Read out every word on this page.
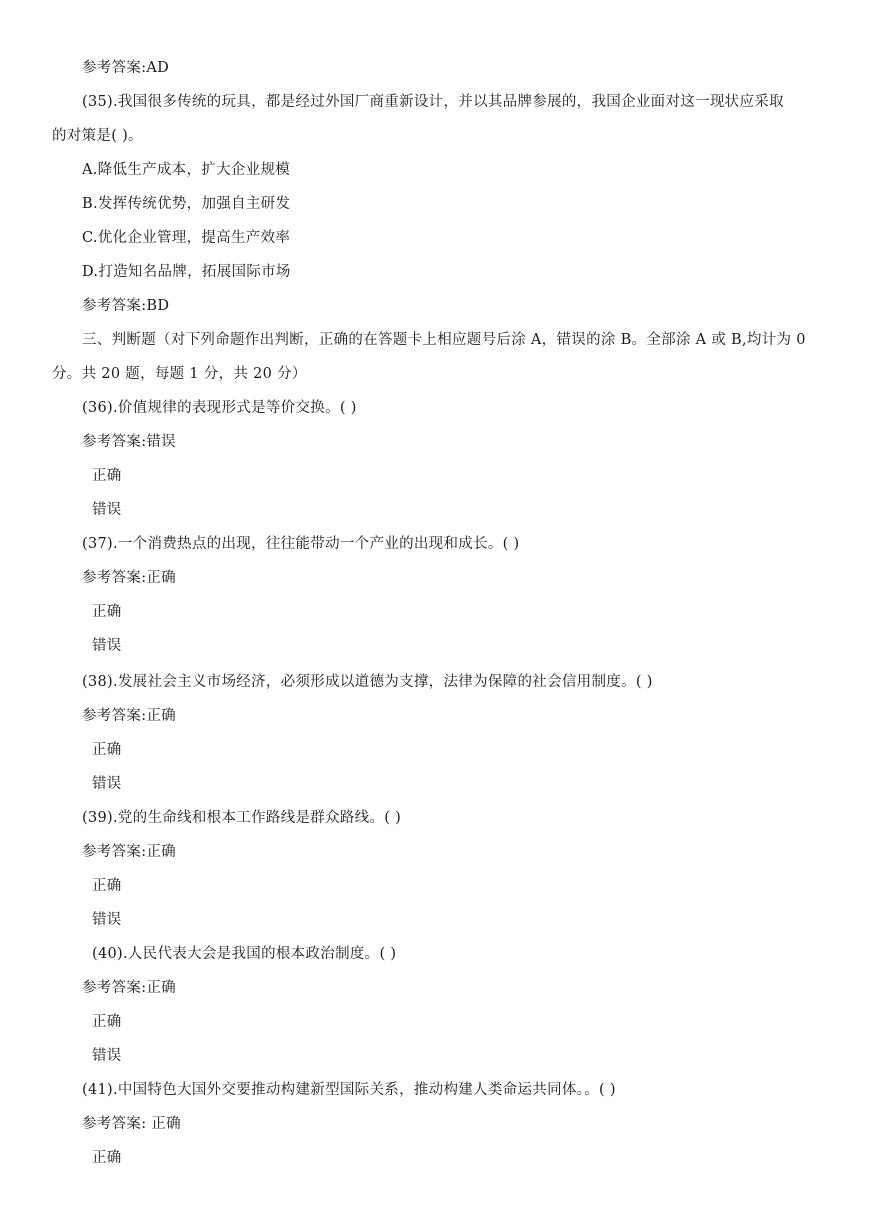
参考答案:AD
(35).我国很多传统的玩具，都是经过外国厂商重新设计，并以其品牌参展的，我国企业面对这一现状应采取
的对策是( )。
A.降低生产成本，扩大企业规模
B.发挥传统优势，加强自主研发
C.优化企业管理，提高生产效率
D.打造知名品牌，拓展国际市场
参考答案:BD
三、判断题（对下列命题作出判断，正确的在答题卡上相应题号后涂 A，错误的涂 B。全部涂 A 或 B,均计为 0
分。共 20 题，每题 1 分，共 20 分）
(36).价值规律的表现形式是等价交换。( )
参考答案:错误
正确
错误
(37).一个消费热点的出现，往往能带动一个产业的出现和成长。( )
参考答案:正确
正确
错误
(38).发展社会主义市场经济，必须形成以道德为支撑，法律为保障的社会信用制度。( )
参考答案:正确
正确
错误
(39).党的生命线和根本工作路线是群众路线。( )
参考答案:正确
正确
错误
(40).人民代表大会是我国的根本政治制度。( )
参考答案:正确
正确
错误
(41).中国特色大国外交要推动构建新型国际关系，推动构建人类命运共同体。。( )
参考答案: 正确
正确
